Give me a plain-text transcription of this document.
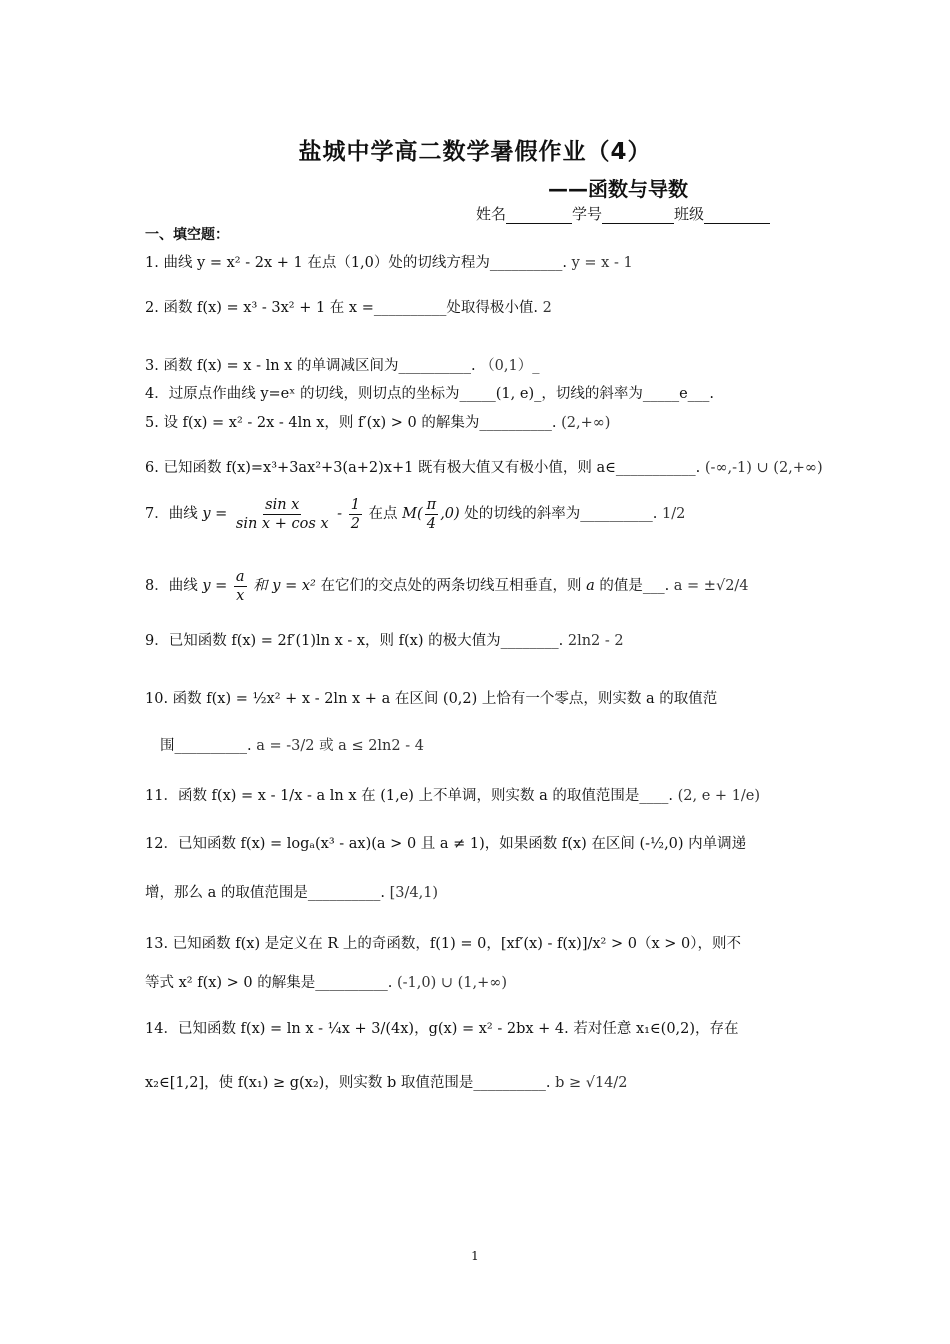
盐城中学高二数学暑假作业（4）
——函数与导数
姓名	学号	班级
一、填空题：
1. 曲线 y = x² - 2x + 1 在点（1,0）处的切线方程为__________. y = x - 1
2. 函数 f(x) = x³ - 3x² + 1 在 x =__________处取得极小值. 2
3. 函数 f(x) = x - ln x 的单调减区间为__________. （0,1）_
4．过原点作曲线 y=eˣ 的切线，则切点的坐标为_____(1, e)_，切线的斜率为_____e___.
5. 设 f(x) = x² - 2x - 4ln x，则 f′(x) > 0 的解集为__________. (2,+∞)
6. 已知函数 f(x)=x³+3ax²+3(a+2)x+1 既有极大值又有极小值，则 a∈___________. (-∞,-1) ∪ (2,+∞)
7．曲线 $y = \frac{\text{sin x}}{\text{sin x + cos x}} - \frac{1}{2}$ 在点 $M( \frac{\pi}{4} ,0)$ 处的切线的斜率为__________. 1/2
8．曲线 $y = \frac{a}{x}$ 和 y = x² 在它们的交点处的两条切线互相垂直，则 a 的值是___. a = ±√2/4
9．已知函数 f(x) = 2f′(1)ln x - x，则 f(x) 的极大值为________. 2ln2 - 2
10. 函数 f(x) = ½x² + x - 2ln x + a 在区间 (0,2) 上恰有一个零点，则实数 a 的取值范
围__________. a = -3/2 或 a ≤ 2ln2 - 4
11．函数 f(x) = x - 1/x - a ln x 在 (1,e) 上不单调，则实数 a 的取值范围是____. (2, e + 1/e)
12．已知函数 f(x) = logₐ(x³ - ax)(a > 0 且 a ≠ 1)，如果函数 f(x) 在区间 (-½,0) 内单调递
增，那么 a 的取值范围是__________. [3/4,1)
13. 已知函数 f(x) 是定义在 R 上的奇函数，f(1) = 0，[xf′(x) - f(x)]/x² > 0（x > 0），则不
等式 x² f(x) > 0 的解集是__________. (-1,0) ∪ (1,+∞)
14．已知函数 f(x) = ln x - ¼x + 3/(4x)，g(x) = x² - 2bx + 4. 若对任意 x₁∈(0,2)，存在
x₂∈[1,2]，使 f(x₁) ≥ g(x₂)，则实数 b 取值范围是__________. b ≥ √14/2
1
